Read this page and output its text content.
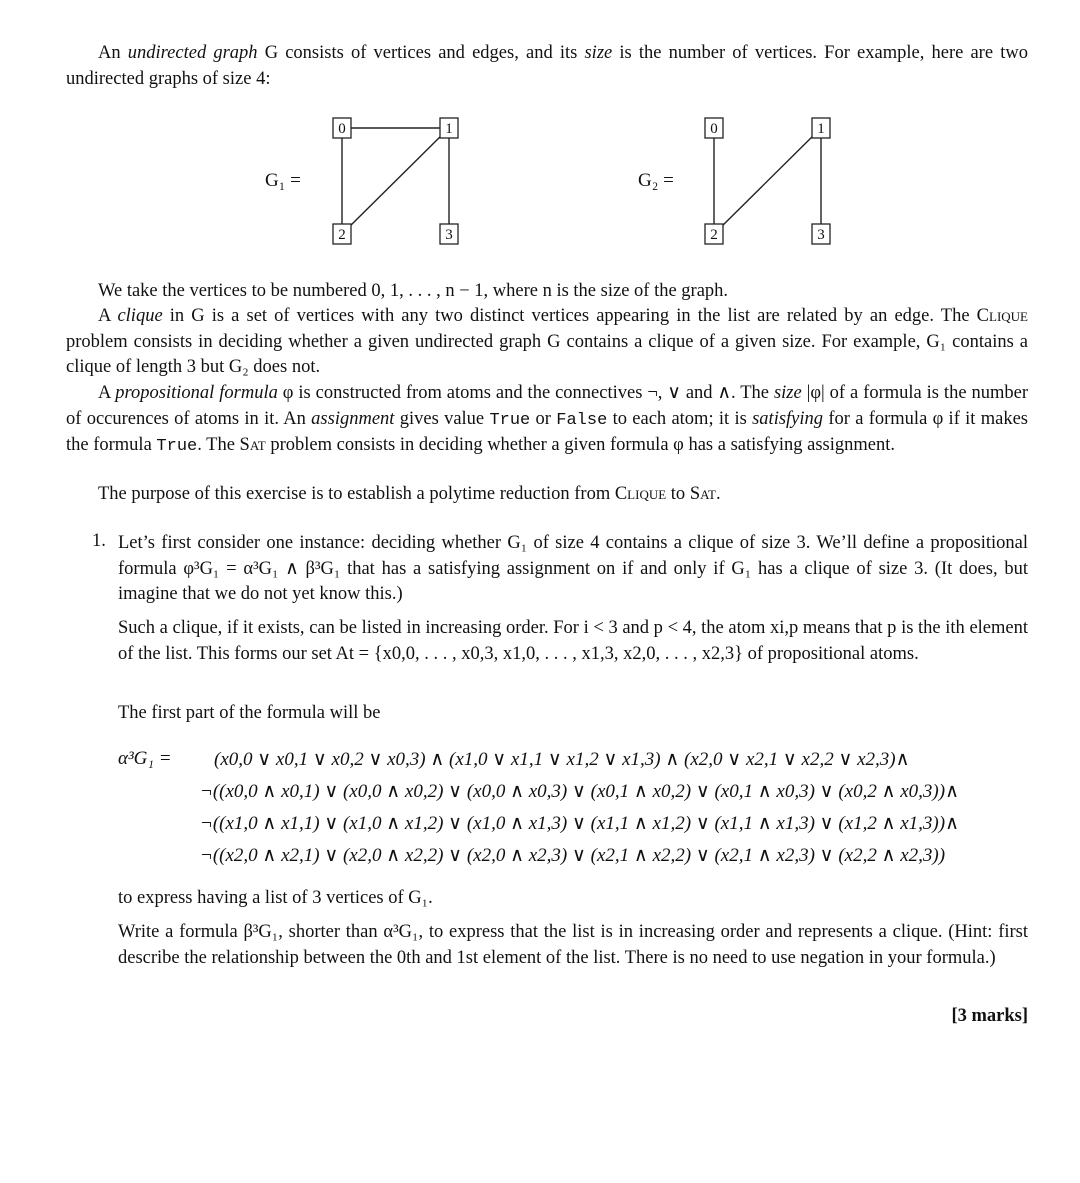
An undirected graph G consists of vertices and edges, and its size is the number of vertices. For example, here are two undirected graphs of size 4:

G₁ =
0	1
2	3
G₂ =
0	1
2	3

We take the vertices to be numbered 0, 1, . . . , n − 1, where n is the size of the graph.

A clique in G is a set of vertices with any two distinct vertices appearing in the list are related by an edge. The Clique problem consists in deciding whether a given undirected graph G contains a clique of a given size. For example, G₁ contains a clique of length 3 but G₂ does not.

A propositional formula φ is constructed from atoms and the connectives ¬, ∨ and ∧. The size |φ| of a formula is the number of occurences of atoms in it. An assignment gives value True or False to each atom; it is satisfying for a formula φ if it makes the formula True. The Sat problem consists in deciding whether a given formula φ has a satisfying assignment.

The purpose of this exercise is to establish a polytime reduction from Clique to Sat.

1. Let’s first consider one instance: deciding whether G₁ of size 4 contains a clique of size 3. We’ll define a propositional formula φ³G₁ = α³G₁ ∧ β³G₁ that has a satisfying assignment on if and only if G₁ has a clique of size 3. (It does, but imagine that we do not yet know this.)

Such a clique, if it exists, can be listed in increasing order. For i < 3 and p < 4, the atom xi,p means that p is the ith element of the list. This forms our set At = {x0,0, . . . , x0,3, x1,0, . . . , x1,3, x2,0, . . . , x2,3} of propositional atoms.

The first part of the formula will be

α³G₁ = (x0,0 ∨ x0,1 ∨ x0,2 ∨ x0,3) ∧ (x1,0 ∨ x1,1 ∨ x1,2 ∨ x1,3) ∧ (x2,0 ∨ x2,1 ∨ x2,2 ∨ x2,3)∧
¬((x0,0 ∧ x0,1) ∨ (x0,0 ∧ x0,2) ∨ (x0,0 ∧ x0,3) ∨ (x0,1 ∧ x0,2) ∨ (x0,1 ∧ x0,3) ∨ (x0,2 ∧ x0,3))∧
¬((x1,0 ∧ x1,1) ∨ (x1,0 ∧ x1,2) ∨ (x1,0 ∧ x1,3) ∨ (x1,1 ∧ x1,2) ∨ (x1,1 ∧ x1,3) ∨ (x1,2 ∧ x1,3))∧
¬((x2,0 ∧ x2,1) ∨ (x2,0 ∧ x2,2) ∨ (x2,0 ∧ x2,3) ∨ (x2,1 ∧ x2,2) ∨ (x2,1 ∧ x2,3) ∨ (x2,2 ∧ x2,3))

to express having a list of 3 vertices of G₁.

Write a formula β³G₁, shorter than α³G₁, to express that the list is in increasing order and represents a clique. (Hint: first describe the relationship between the 0th and 1st element of the list. There is no need to use negation in your formula.)

[3 marks]
